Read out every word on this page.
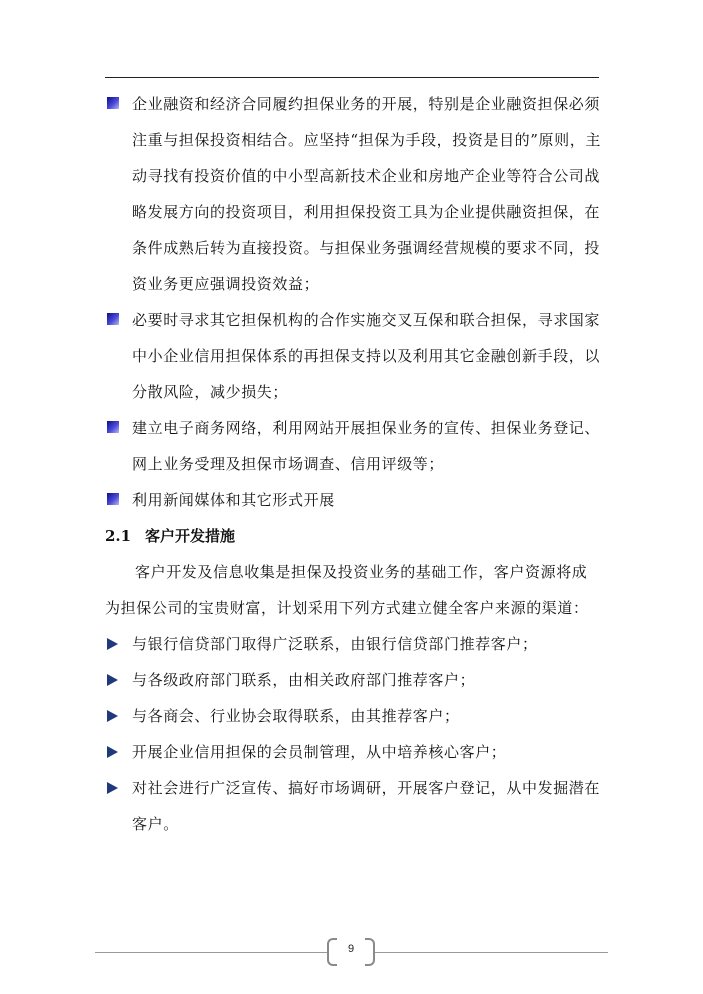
企业融资和经济合同履约担保业务的开展，特别是企业融资担保必须注重与担保投资相结合。应坚持“担保为手段，投资是目的”原则，主动寻找有投资价值的中小型高新技术企业和房地产企业等符合公司战略发展方向的投资项目，利用担保投资工具为企业提供融资担保，在条件成熟后转为直接投资。与担保业务强调经营规模的要求不同，投资业务更应强调投资效益；
必要时寻求其它担保机构的合作实施交叉互保和联合担保，寻求国家中小企业信用担保体系的再担保支持以及利用其它金融创新手段，以分散风险，减少损失；
建立电子商务网络，利用网站开展担保业务的宣传、担保业务登记、网上业务受理及担保市场调查、信用评级等；
利用新闻媒体和其它形式开展
2.1 客户开发措施
客户开发及信息收集是担保及投资业务的基础工作，客户资源将成为担保公司的宝贵财富，计划采用下列方式建立健全客户来源的渠道：
与银行信贷部门取得广泛联系，由银行信贷部门推荐客户；
与各级政府部门联系，由相关政府部门推荐客户；
与各商会、行业协会取得联系，由其推荐客户；
开展企业信用担保的会员制管理，从中培养核心客户；
对社会进行广泛宣传、搞好市场调研，开展客户登记，从中发掘潜在客户。
9
